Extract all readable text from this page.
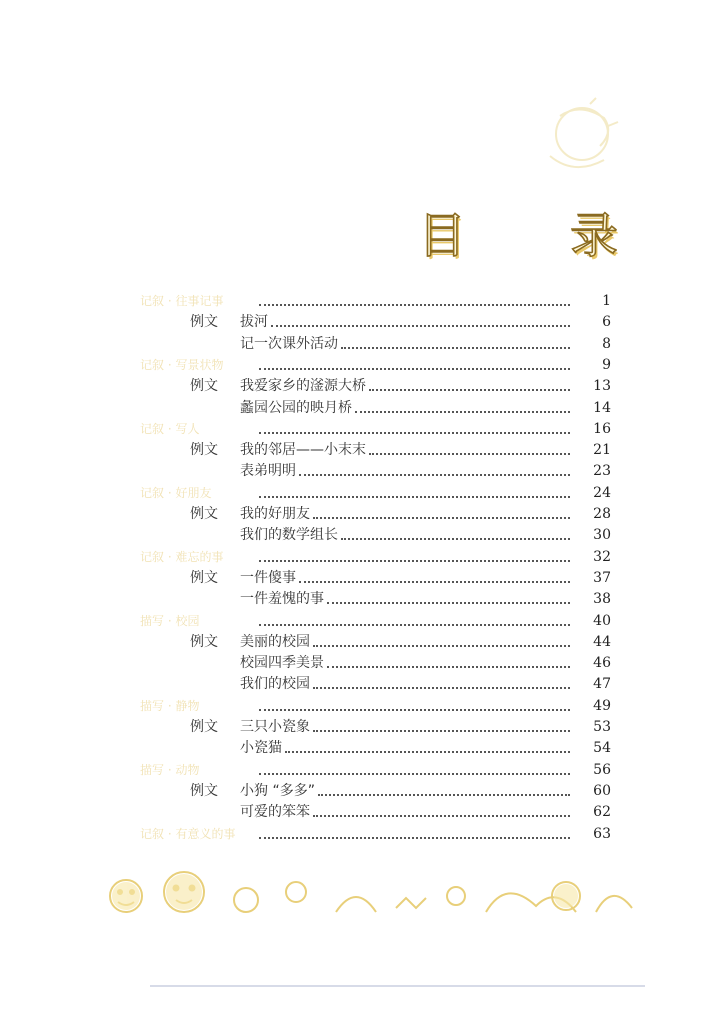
目 录
记叙 · 往事记事	1
例文 拔河	6
记一次课外活动	8
记叙 · 写景状物	9
例文 我爱家乡的滏源大桥	13
蠡园公园的映月桥	14
记叙 · 写人	16
例文 我的邻居——小末末	21
表弟明明	23
记叙 · 好朋友	24
例文 我的好朋友	28
我们的数学组长	30
记叙 · 难忘的事	32
例文 一件傻事	37
一件羞愧的事	38
描写 · 校园	40
例文 美丽的校园	44
校园四季美景	46
我们的校园	47
描写 · 静物	49
例文 三只小瓷象	53
小瓷猫	54
描写 · 动物	56
例文 小狗 “多多”	60
可爱的笨笨	62
记叙 · 有意义的事	63
